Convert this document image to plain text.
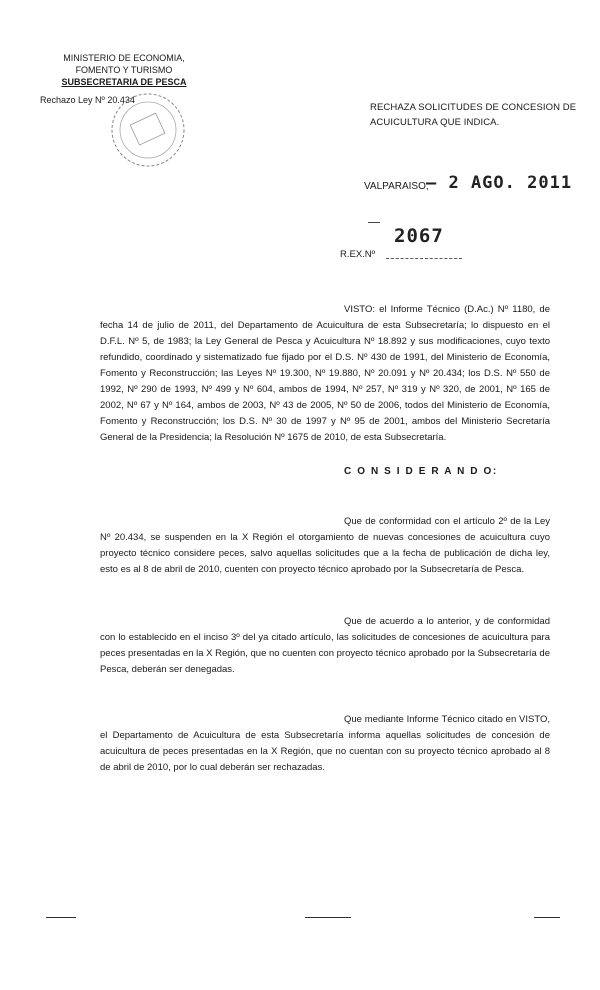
MINISTERIO DE ECONOMIA,
FOMENTO Y TURISMO
SUBSECRETARIA DE PESCA
Rechazo Ley Nº 20.434
RECHAZA SOLICITUDES DE CONCESION DE ACUICULTURA QUE INDICA.
VALPARAISO,
– 2 AGO. 2011
2067
R.EX.Nº
VISTO: el Informe Técnico (D.Ac.) Nº 1180, de fecha 14 de julio de 2011, del Departamento de Acuicultura de esta Subsecretaría; lo dispuesto en el D.F.L. Nº 5, de 1983; la Ley General de Pesca y Acuicultura Nº 18.892 y sus modificaciones, cuyo texto refundido, coordinado y sistematizado fue fijado por el D.S. Nº 430 de 1991, del Ministerio de Economía, Fomento y Reconstrucción; las Leyes Nº 19.300, Nº 19.880, Nº 20.091 y Nº 20.434; los D.S. Nº 550 de 1992, Nº 290 de 1993, Nº 499 y Nº 604, ambos de 1994, Nº 257, Nº 319 y Nº 320, de 2001, Nº 165 de 2002, Nº 67 y Nº 164, ambos de 2003, Nº 43 de 2005, Nº 50 de 2006, todos del Ministerio de Economía, Fomento y Reconstrucción; los D.S. Nº 30 de 1997 y Nº 95 de 2001, ambos del Ministerio Secretaría General de la Presidencia; la Resolución Nº 1675 de 2010, de esta Subsecretaría.
C O N S I D E R A N D O:
Que de conformidad con el artículo 2º de la Ley Nº 20.434, se suspenden en la X Región el otorgamiento de nuevas concesiones de acuicultura cuyo proyecto técnico considere peces, salvo aquellas solicitudes que a la fecha de publicación de dicha ley, esto es al 8 de abril de 2010, cuenten con proyecto técnico aprobado por la Subsecretaría de Pesca.
Que de acuerdo a lo anterior, y de conformidad con lo establecido en el inciso 3º del ya citado artículo, las solicitudes de concesiones de acuicultura para peces presentadas en la X Región, que no cuenten con proyecto técnico aprobado por la Subsecretaría de Pesca, deberán ser denegadas.
Que mediante Informe Técnico citado en VISTO, el Departamento de Acuicultura de esta Subsecretaría informa aquellas solicitudes de concesión de acuicultura de peces presentadas en la X Región, que no cuentan con su proyecto técnico aprobado al 8 de abril de 2010, por lo cual deberán ser rechazadas.
